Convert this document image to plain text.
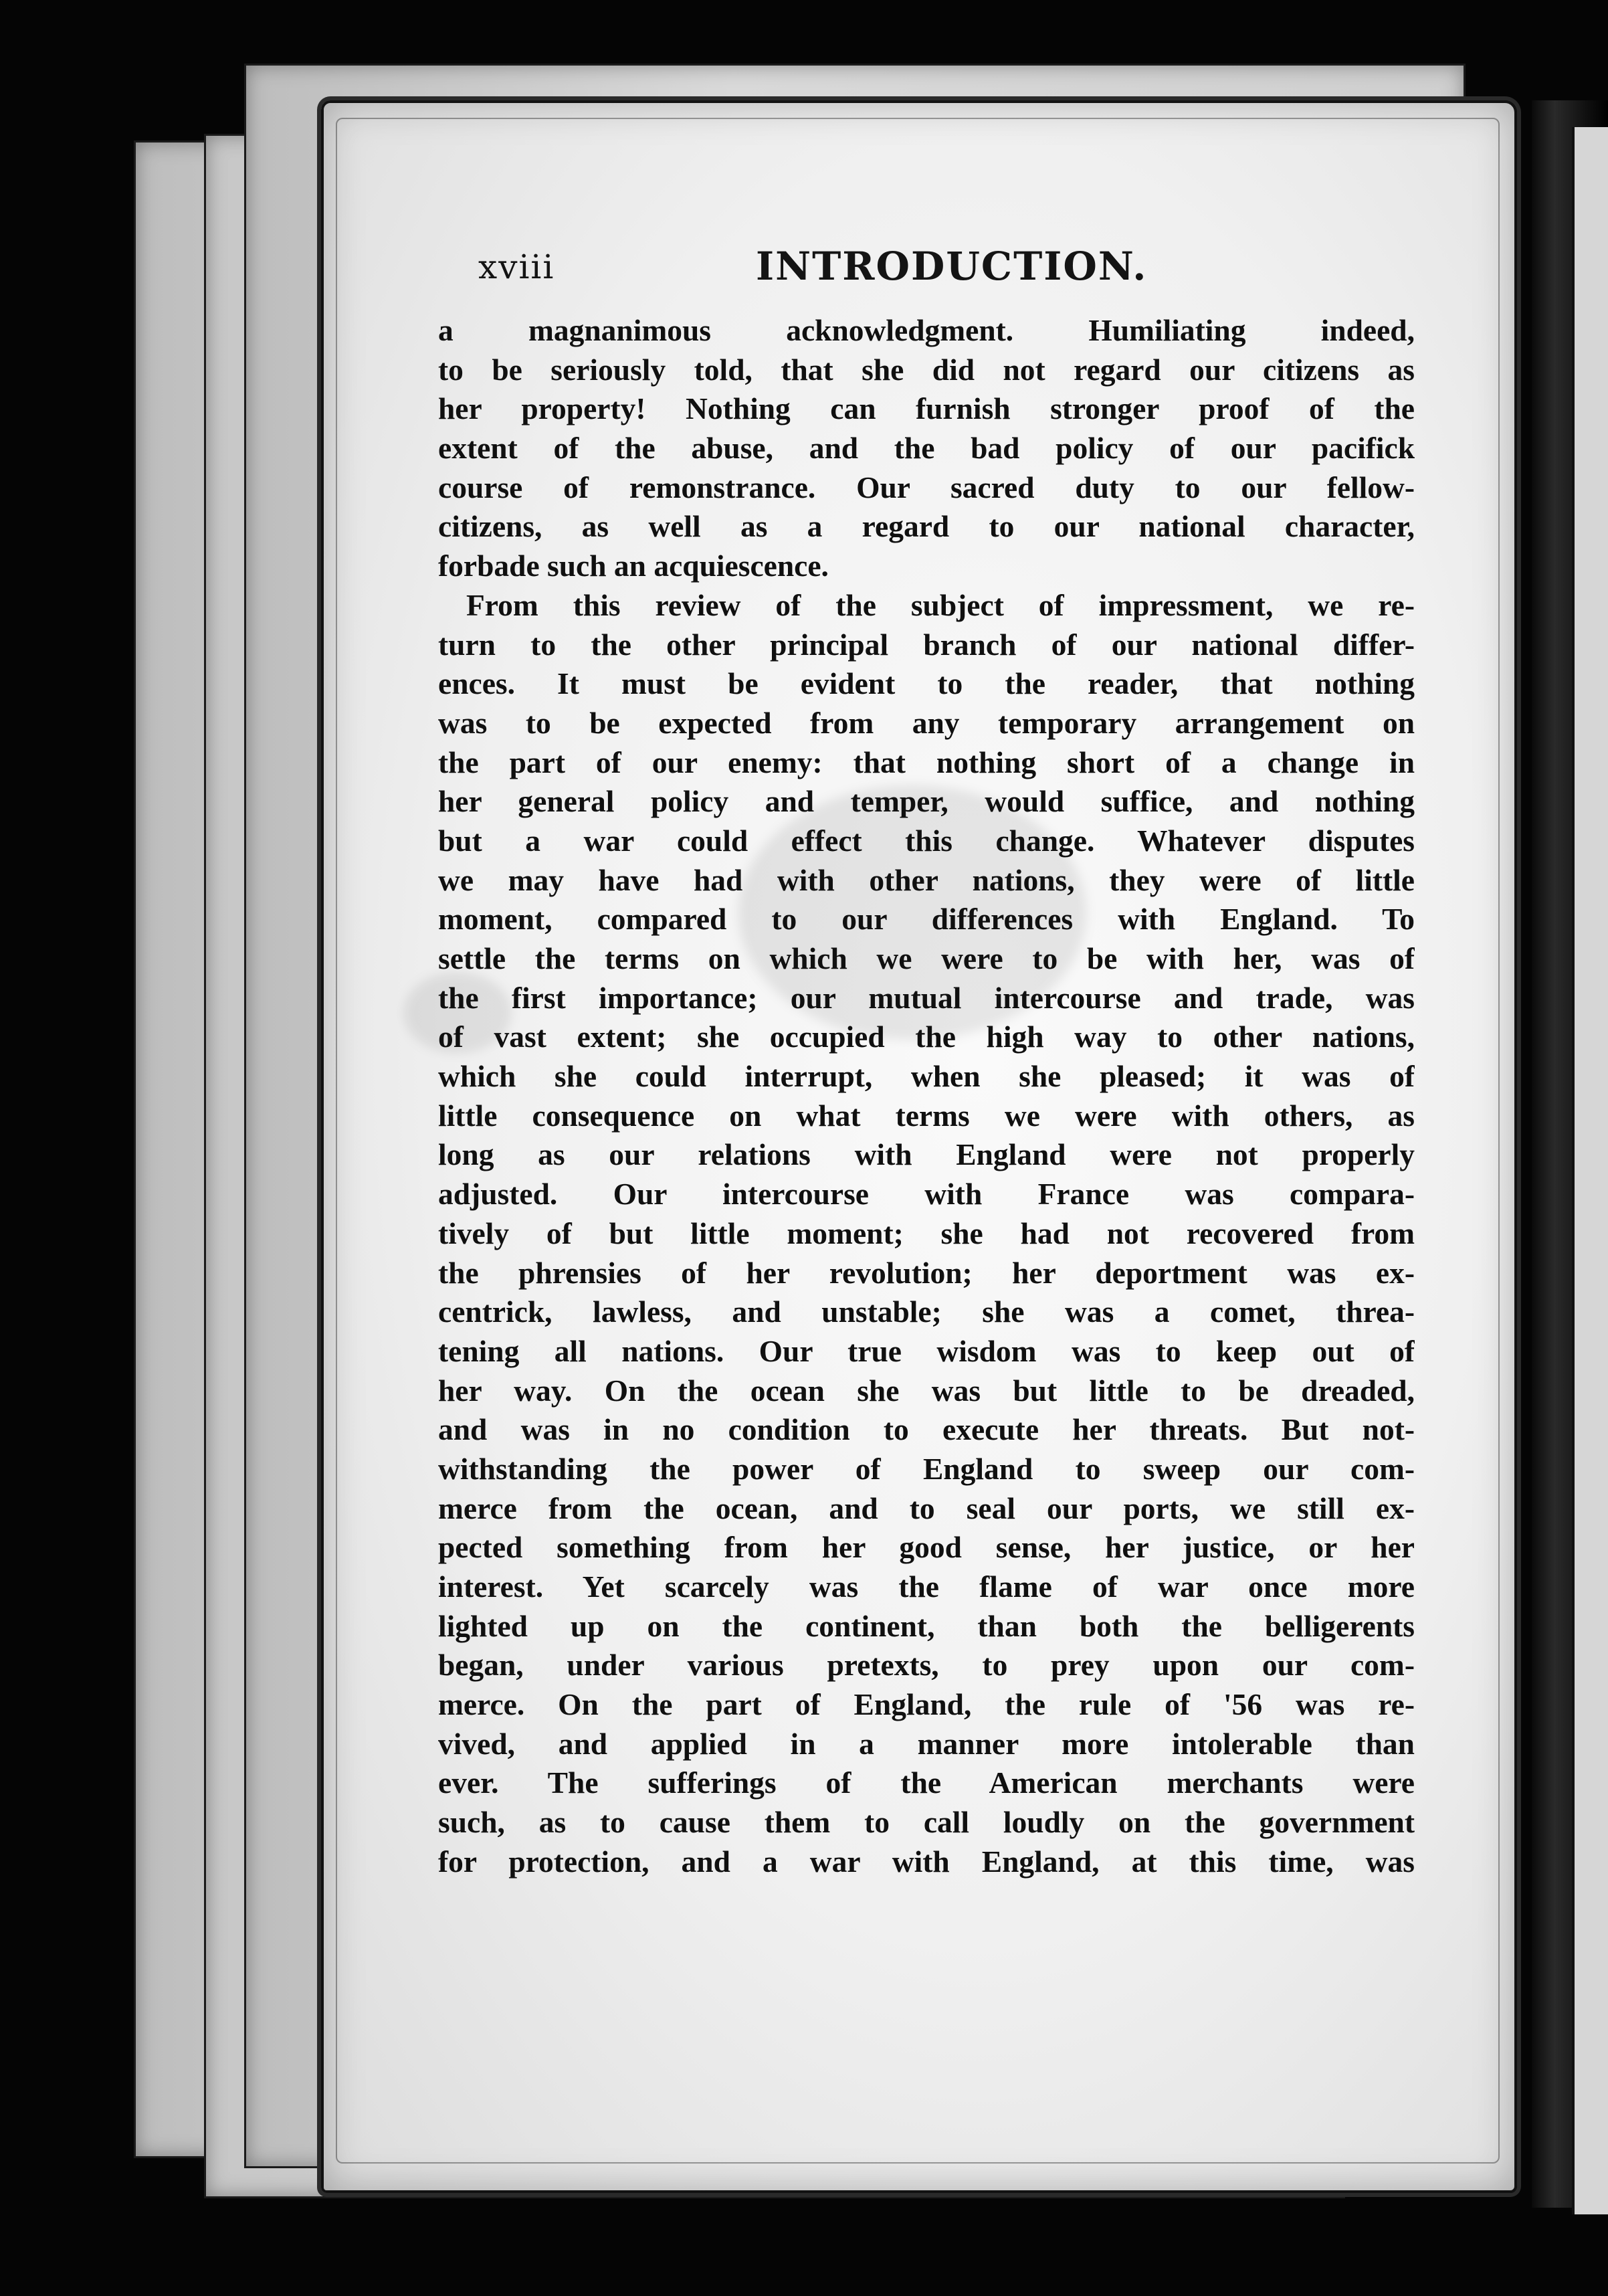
xviii	INTRODUCTION.
a magnanimous acknowledgment. Humiliating indeed,
to be seriously told, that she did not regard our citizens as
her property! Nothing can furnish stronger proof of the
extent of the abuse, and the bad policy of our pacifick
course of remonstrance. Our sacred duty to our fellow-
citizens, as well as a regard to our national character,
forbade such an acquiescence.
From this review of the subject of impressment, we re-
turn to the other principal branch of our national differ-
ences. It must be evident to the reader, that nothing
was to be expected from any temporary arrangement on
the part of our enemy: that nothing short of a change in
her general policy and temper, would suffice, and nothing
but a war could effect this change. Whatever disputes
we may have had with other nations, they were of little
moment, compared to our differences with England. To
settle the terms on which we were to be with her, was of
the first importance; our mutual intercourse and trade, was
of vast extent; she occupied the high way to other nations,
which she could interrupt, when she pleased; it was of
little consequence on what terms we were with others, as
long as our relations with England were not properly
adjusted. Our intercourse with France was compara-
tively of but little moment; she had not recovered from
the phrensies of her revolution; her deportment was ex-
centrick, lawless, and unstable; she was a comet, threa-
tening all nations. Our true wisdom was to keep out of
her way. On the ocean she was but little to be dreaded,
and was in no condition to execute her threats. But not-
withstanding the power of England to sweep our com-
merce from the ocean, and to seal our ports, we still ex-
pected something from her good sense, her justice, or her
interest. Yet scarcely was the flame of war once more
lighted up on the continent, than both the belligerents
began, under various pretexts, to prey upon our com-
merce. On the part of England, the rule of '56 was re-
vived, and applied in a manner more intolerable than
ever. The sufferings of the American merchants were
such, as to cause them to call loudly on the government
for protection, and a war with England, at this time, was
